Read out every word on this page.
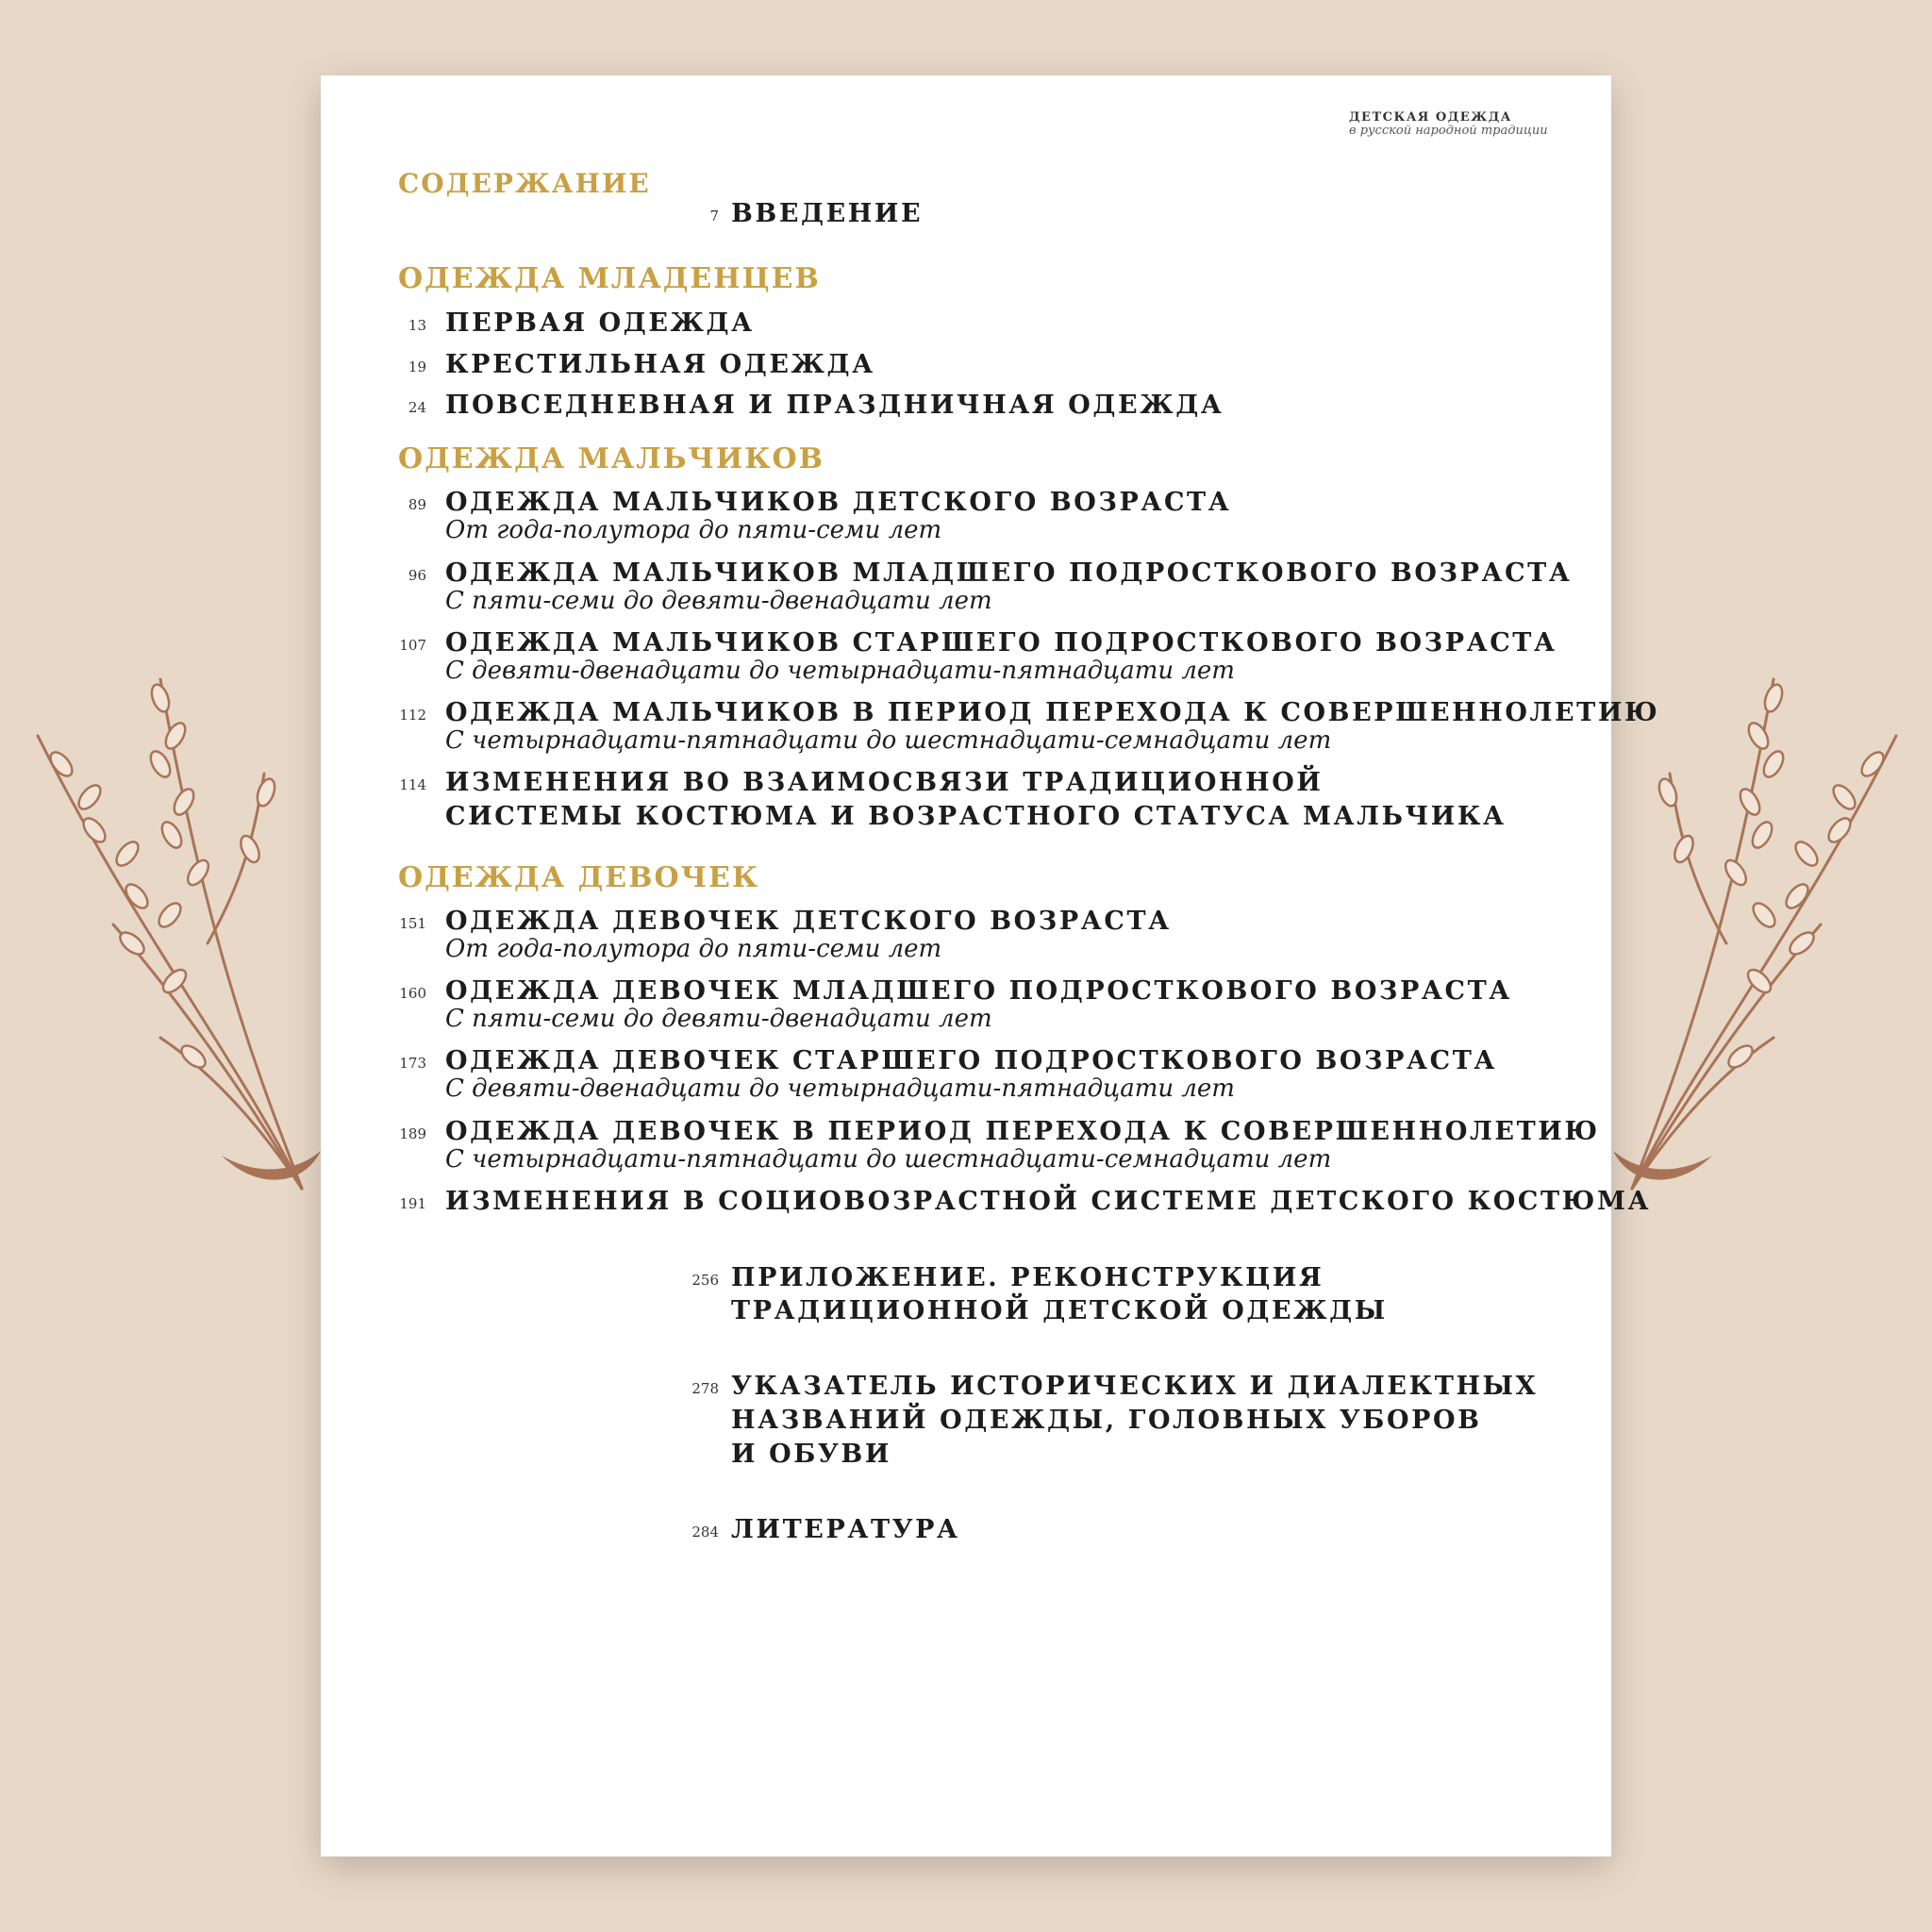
ДЕТСКАЯ ОДЕЖДА
в русской народной традиции
СОДЕРЖАНИЕ
7 ВВЕДЕНИЕ
ОДЕЖДА МЛАДЕНЦЕВ
13 ПЕРВАЯ ОДЕЖДА
19 КРЕСТИЛЬНАЯ ОДЕЖДА
24 ПОВСЕДНЕВНАЯ И ПРАЗДНИЧНАЯ ОДЕЖДА
ОДЕЖДА МАЛЬЧИКОВ
89 ОДЕЖДА МАЛЬЧИКОВ ДЕТСКОГО ВОЗРАСТА
От года-полутора до пяти-семи лет
96 ОДЕЖДА МАЛЬЧИКОВ МЛАДШЕГО ПОДРОСТКОВОГО ВОЗРАСТА
С пяти-семи до девяти-двенадцати лет
107 ОДЕЖДА МАЛЬЧИКОВ СТАРШЕГО ПОДРОСТКОВОГО ВОЗРАСТА
С девяти-двенадцати до четырнадцати-пятнадцати лет
112 ОДЕЖДА МАЛЬЧИКОВ В ПЕРИОД ПЕРЕХОДА К СОВЕРШЕННОЛЕТИЮ
С четырнадцати-пятнадцати до шестнадцати-семнадцати лет
114 ИЗМЕНЕНИЯ ВО ВЗАИМОСВЯЗИ ТРАДИЦИОННОЙ
СИСТЕМЫ КОСТЮМА И ВОЗРАСТНОГО СТАТУСА МАЛЬЧИКА
ОДЕЖДА ДЕВОЧЕК
151 ОДЕЖДА ДЕВОЧЕК ДЕТСКОГО ВОЗРАСТА
От года-полутора до пяти-семи лет
160 ОДЕЖДА ДЕВОЧЕК МЛАДШЕГО ПОДРОСТКОВОГО ВОЗРАСТА
С пяти-семи до девяти-двенадцати лет
173 ОДЕЖДА ДЕВОЧЕК СТАРШЕГО ПОДРОСТКОВОГО ВОЗРАСТА
С девяти-двенадцати до четырнадцати-пятнадцати лет
189 ОДЕЖДА ДЕВОЧЕК В ПЕРИОД ПЕРЕХОДА К СОВЕРШЕННОЛЕТИЮ
С четырнадцати-пятнадцати до шестнадцати-семнадцати лет
191 ИЗМЕНЕНИЯ В СОЦИОВОЗРАСТНОЙ СИСТЕМЕ ДЕТСКОГО КОСТЮМА
256 ПРИЛОЖЕНИЕ. РЕКОНСТРУКЦИЯ
ТРАДИЦИОННОЙ ДЕТСКОЙ ОДЕЖДЫ
278 УКАЗАТЕЛЬ ИСТОРИЧЕСКИХ И ДИАЛЕКТНЫХ
НАЗВАНИЙ ОДЕЖДЫ, ГОЛОВНЫХ УБОРОВ
И ОБУВИ
284 ЛИТЕРАТУРА
